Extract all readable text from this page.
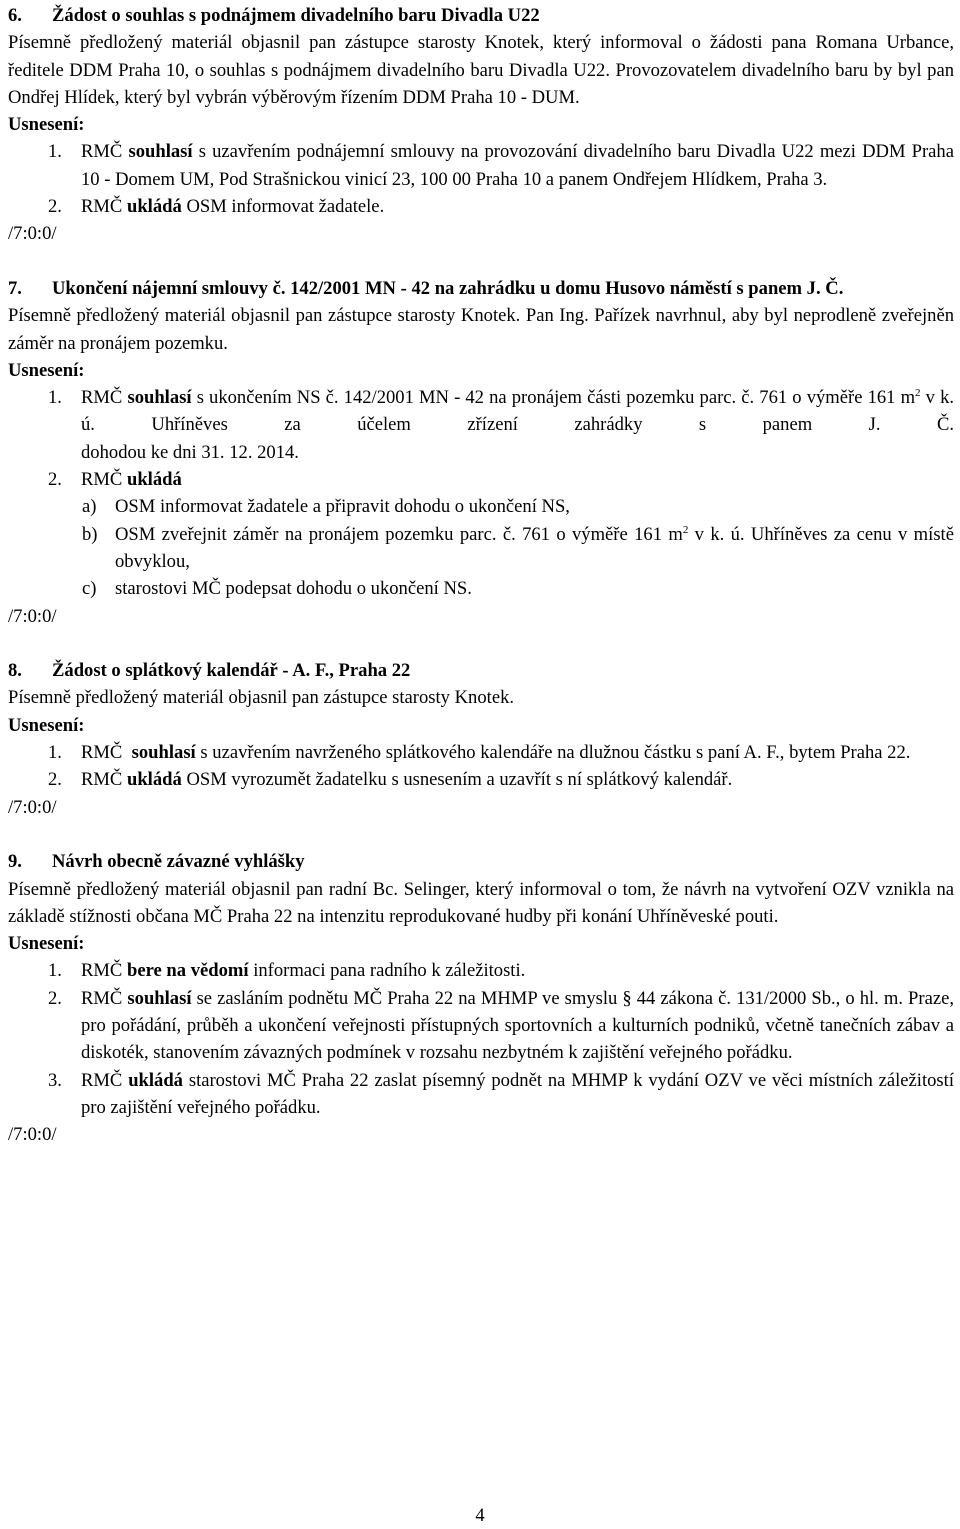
6. Žádost o souhlas s podnájmem divadelního baru Divadla U22

Písemně předložený materiál objasnil pan zástupce starosty Knotek, který informoval o žádosti pana Romana Urbance, ředitele DDM Praha 10, o souhlas s podnájmem divadelního baru Divadla U22. Provozovatelem divadelního baru by byl pan Ondřej Hlídek, který byl vybrán výběrovým řízením DDM Praha 10 - DUM.

Usnesení:

1.	RMČ souhlasí s uzavřením podnájemní smlouvy na provozování divadelního baru Divadla U22 mezi DDM Praha 10 - Domem UM, Pod Strašnickou vinicí 23, 100 00 Praha 10 a panem Ondřejem Hlídkem, Praha 3.
2.	RMČ ukládá OSM informovat žadatele.

/7:0:0/

7. Ukončení nájemní smlouvy č. 142/2001 MN - 42 na zahrádku u domu Husovo náměstí s panem J. Č.

Písemně předložený materiál objasnil pan zástupce starosty Knotek. Pan Ing. Pařízek navrhnul, aby byl neprodleně zveřejněn záměr na pronájem pozemku.

Usnesení:

1.	RMČ souhlasí s ukončením NS č. 142/2001 MN - 42 na pronájem části pozemku parc. č. 761 o výměře 161 $m^2$ v k. ú. Uhříněves za účelem zřízení zahrádky s panem J. Č.
dohodou ke dni 31. 12. 2014.
2.	RMČ ukládá
a) OSM informovat žadatele a připravit dohodu o ukončení NS,
b) OSM zveřejnit záměr na pronájem pozemku parc. č. 761 o výměře 161 $m^2$ v k. ú. Uhříněves za cenu v místě obvyklou,
c) starostovi MČ podepsat dohodu o ukončení NS.

/7:0:0/

8. Žádost o splátkový kalendář - A. F., Praha 22

Písemně předložený materiál objasnil pan zástupce starosty Knotek.

Usnesení:

1.	RMČ souhlasí s uzavřením navrženého splátkového kalendáře na dlužnou částku s paní A. F., bytem Praha 22.
2.	RMČ ukládá OSM vyrozumět žadatelku s usnesením a uzavřít s ní splátkový kalendář.

/7:0:0/

9. Návrh obecně závazné vyhlášky

Písemně předložený materiál objasnil pan radní Bc. Selinger, který informoval o tom, že návrh na vytvoření OZV vznikla na základě stížnosti občana MČ Praha 22 na intenzitu reprodukované hudby při konání Uhříněveské pouti.

Usnesení:

1.	RMČ bere na vědomí informaci pana radního k záležitosti.
2.	RMČ souhlasí se zasláním podnětu MČ Praha 22 na MHMP ve smyslu § 44 zákona č. 131/2000 Sb., o hl. m. Praze, pro pořádání, průběh a ukončení veřejnosti přístupných sportovních a kulturních podniků, včetně tanečních zábav a diskoték, stanovením závazných podmínek v rozsahu nezbytném k zajištění veřejného pořádku.
3.	RMČ ukládá starostovi MČ Praha 22 zaslat písemný podnět na MHMP k vydání OZV ve věci místních záležitostí pro zajištění veřejného pořádku.

/7:0:0/

4
